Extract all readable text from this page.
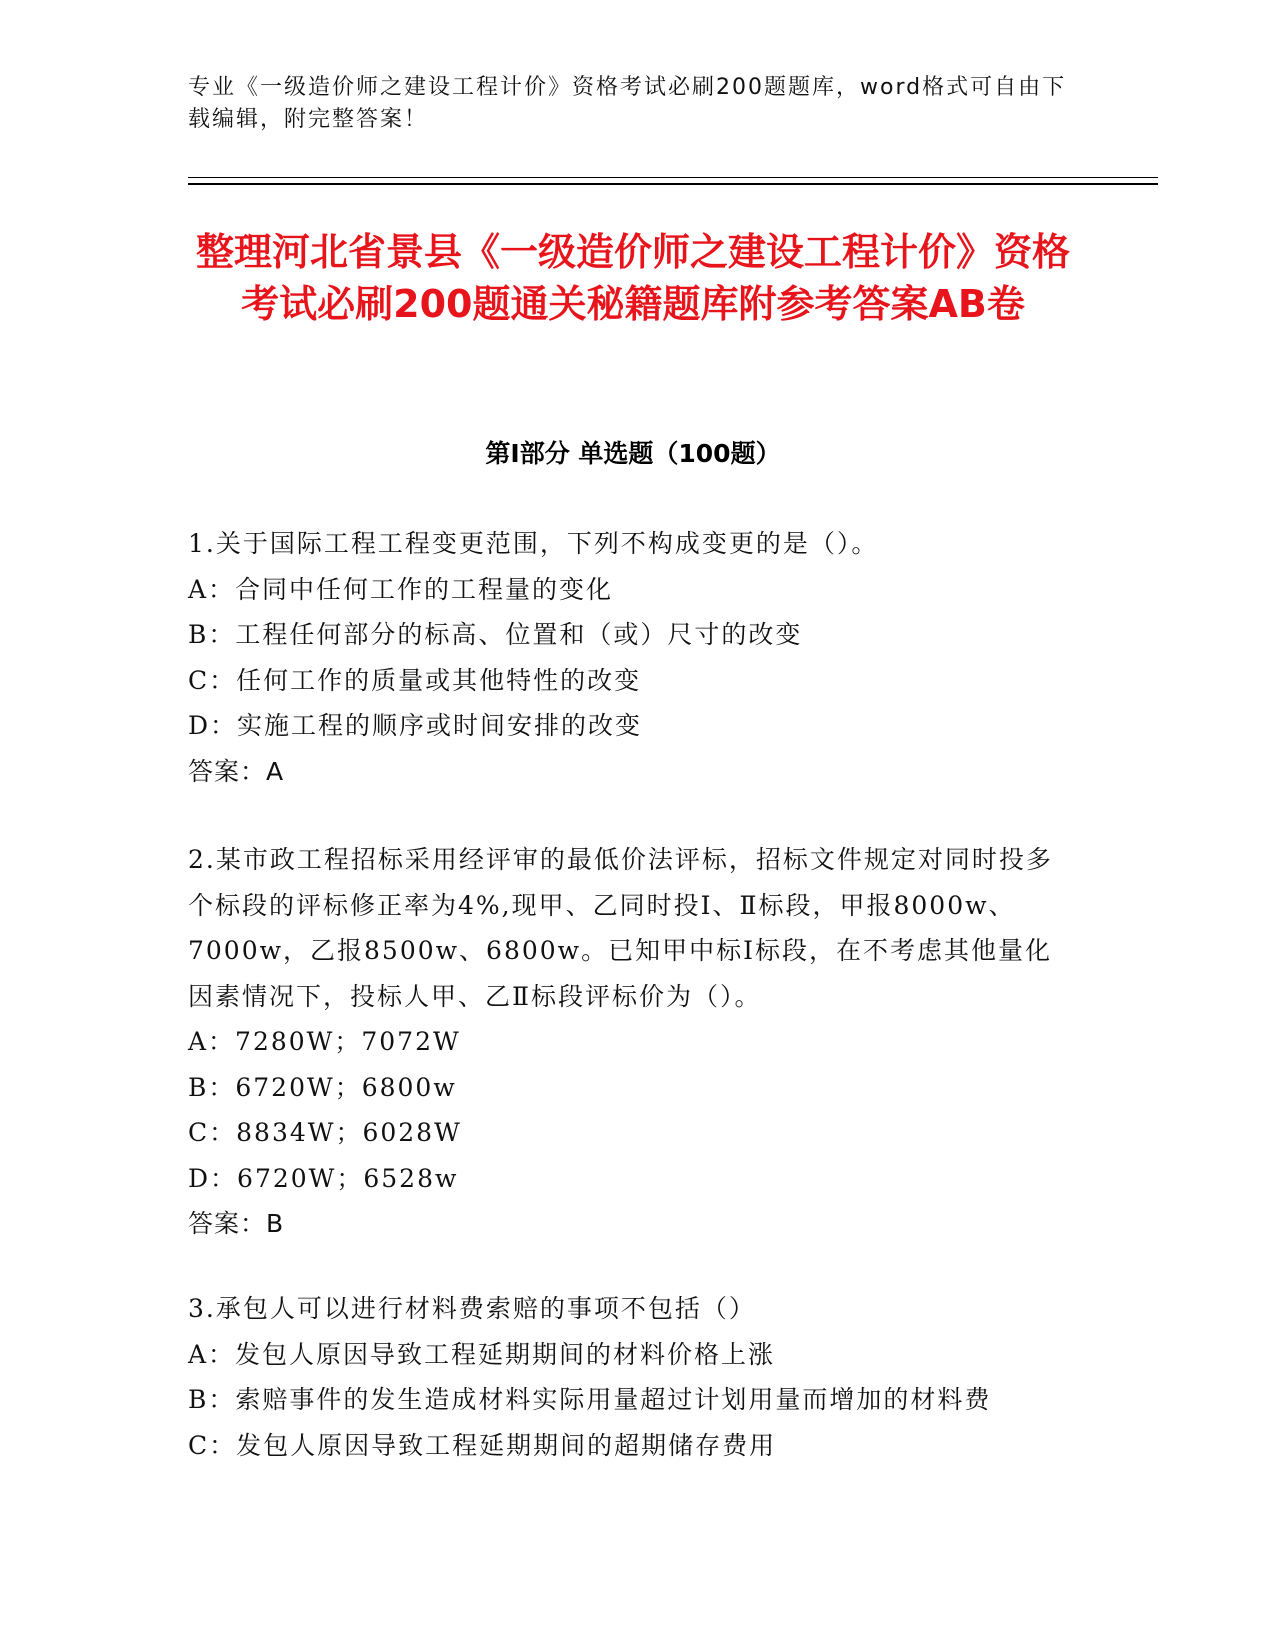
专业《一级造价师之建设工程计价》资格考试必刷200题题库，word格式可自由下载编辑，附完整答案！
整理河北省景县《一级造价师之建设工程计价》资格考试必刷200题通关秘籍题库附参考答案AB卷
第I部分 单选题（100题）
1.关于国际工程工程变更范围，下列不构成变更的是（）。
A：合同中任何工作的工程量的变化
B：工程任何部分的标高、位置和（或）尺寸的改变
C：任何工作的质量或其他特性的改变
D：实施工程的顺序或时间安排的改变
答案：A
2.某市政工程招标采用经评审的最低价法评标，招标文件规定对同时投多个标段的评标修正率为4%,现甲、乙同时投Ⅰ、Ⅱ标段，甲报8000w、7000w，乙报8500w、6800w。已知甲中标Ⅰ标段，在不考虑其他量化因素情况下，投标人甲、乙Ⅱ标段评标价为（）。
A：7280W；7072W
B：6720W；6800w
C：8834W；6028W
D：6720W；6528w
答案：B
3.承包人可以进行材料费索赔的事项不包括（）
A：发包人原因导致工程延期期间的材料价格上涨
B：索赔事件的发生造成材料实际用量超过计划用量而增加的材料费
C：发包人原因导致工程延期期间的超期储存费用
